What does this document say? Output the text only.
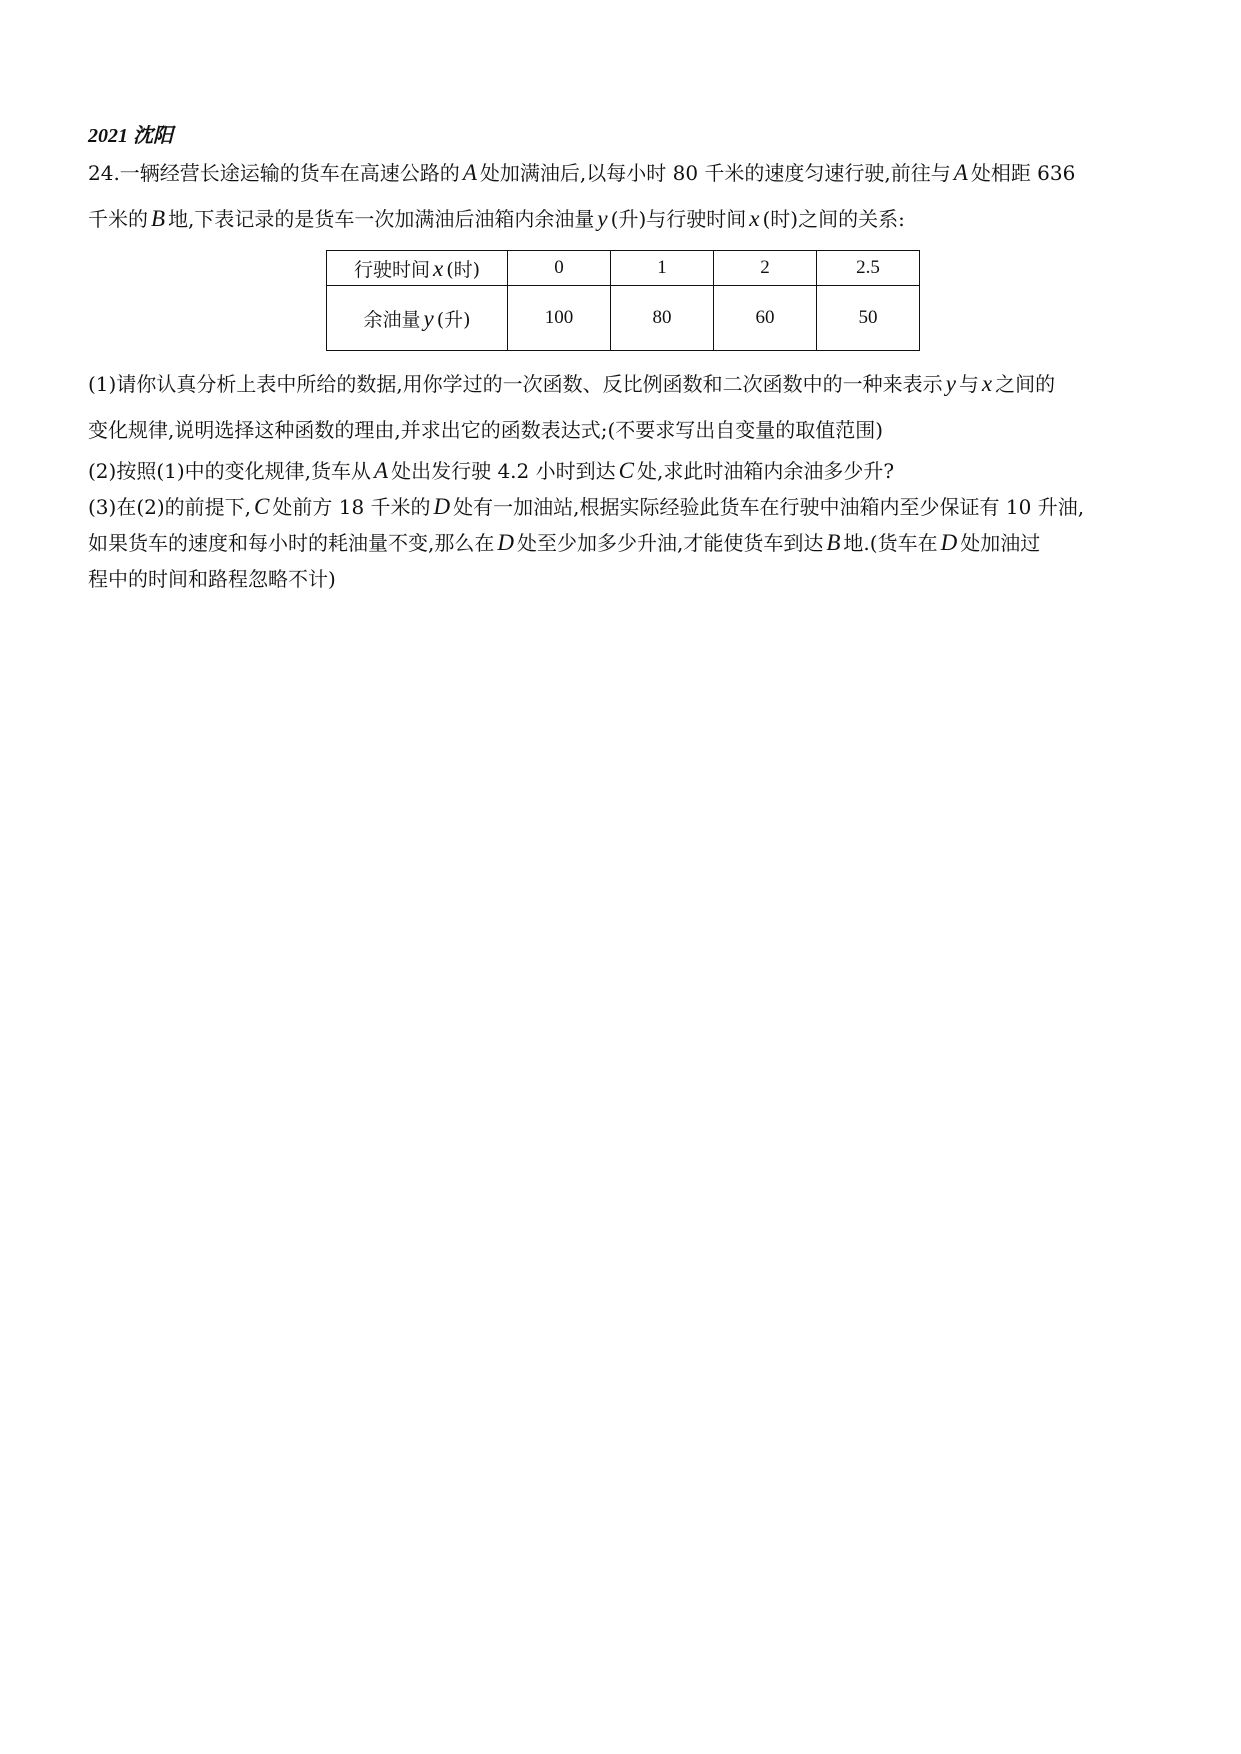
2021 沈阳
24.一辆经营长途运输的货车在高速公路的 A 处加满油后,以每小时 80 千米的速度匀速行驶,前往与 A 处相距 636
千米的 B 地,下表记录的是货车一次加满油后油箱内余油量 y (升)与行驶时间 x (时)之间的关系:
行驶时间 x (时)	0	1	2	2.5
余油量 y (升)	100	80	60	50
(1)请你认真分析上表中所给的数据,用你学过的一次函数、反比例函数和二次函数中的一种来表示 y 与 x 之间的
变化规律,说明选择这种函数的理由,并求出它的函数表达式;(不要求写出自变量的取值范围)
(2)按照(1)中的变化规律,货车从 A 处出发行驶 4.2 小时到达 C 处,求此时油箱内余油多少升?
(3)在(2)的前提下, C 处前方 18 千米的 D 处有一加油站,根据实际经验此货车在行驶中油箱内至少保证有 10 升油,
如果货车的速度和每小时的耗油量不变,那么在 D 处至少加多少升油,才能使货车到达 B 地.(货车在 D 处加油过
程中的时间和路程忽略不计)
